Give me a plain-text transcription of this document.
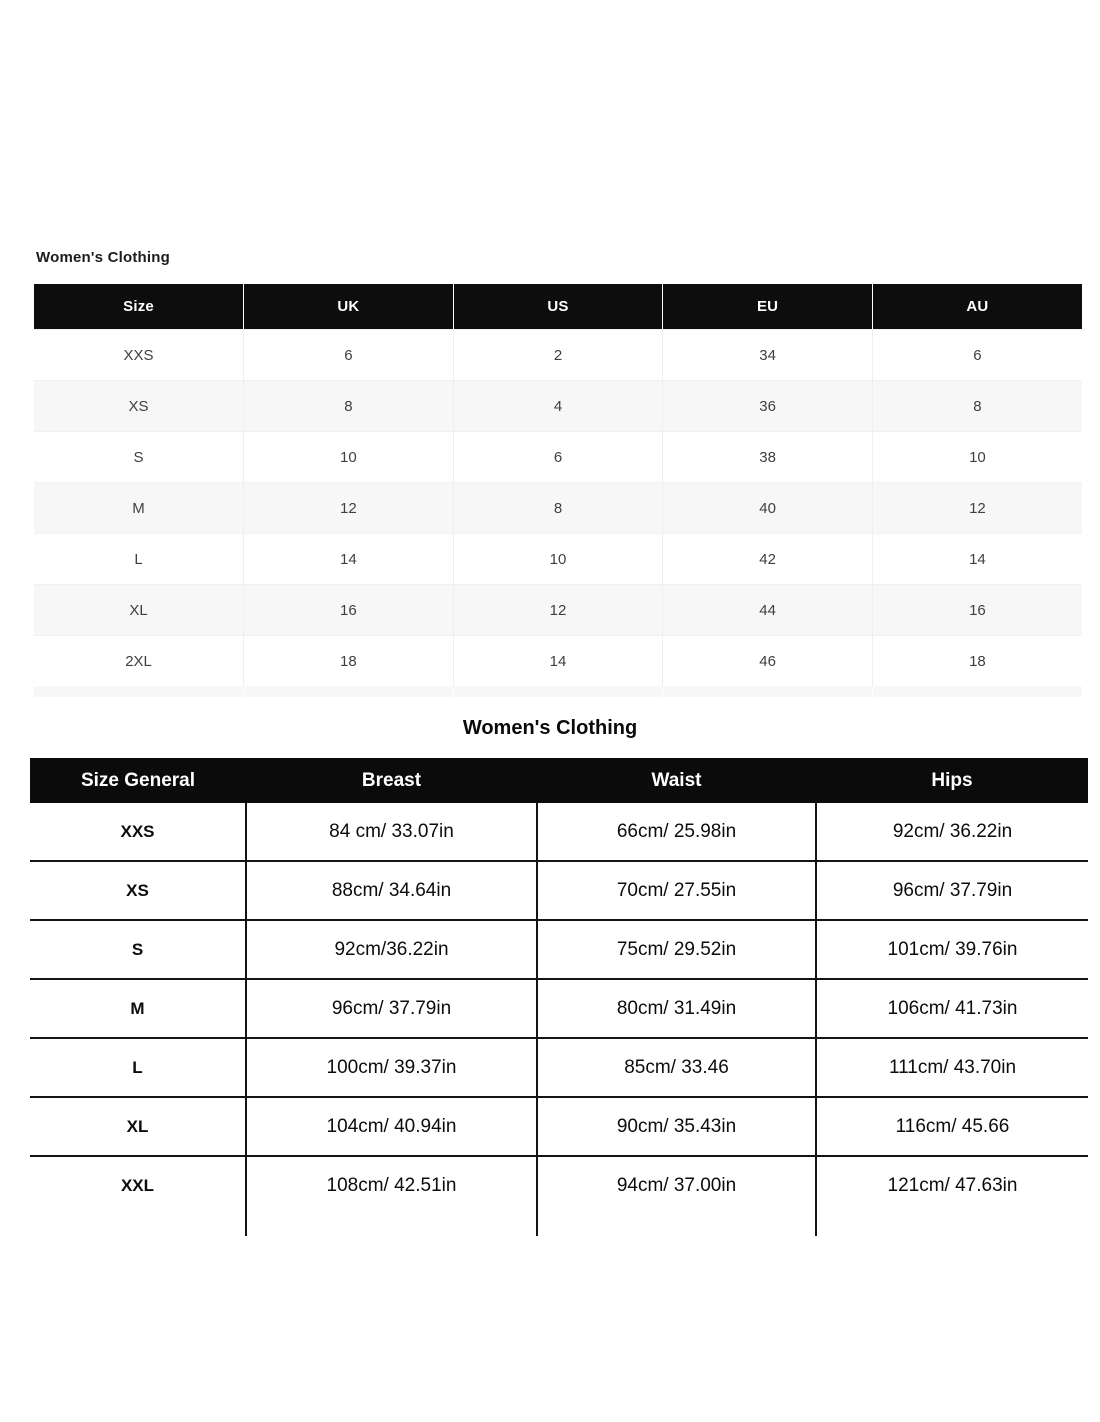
Women's Clothing
Size	UK	US	EU	AU
XXS	6	2	34	6
XS	8	4	36	8
S	10	6	38	10
M	12	8	40	12
L	14	10	42	14
XL	16	12	44	16
2XL	18	14	46	18

Women's Clothing
Size General	Breast	Waist	Hips
XXS	84 cm/ 33.07in	66cm/ 25.98in	92cm/ 36.22in
XS	88cm/ 34.64in	70cm/ 27.55in	96cm/ 37.79in
S	92cm/36.22in	75cm/ 29.52in	101cm/ 39.76in
M	96cm/ 37.79in	80cm/ 31.49in	106cm/ 41.73in
L	100cm/ 39.37in	85cm/ 33.46	111cm/ 43.70in
XL	104cm/ 40.94in	90cm/ 35.43in	116cm/ 45.66
XXL	108cm/ 42.51in	94cm/ 37.00in	121cm/ 47.63in
